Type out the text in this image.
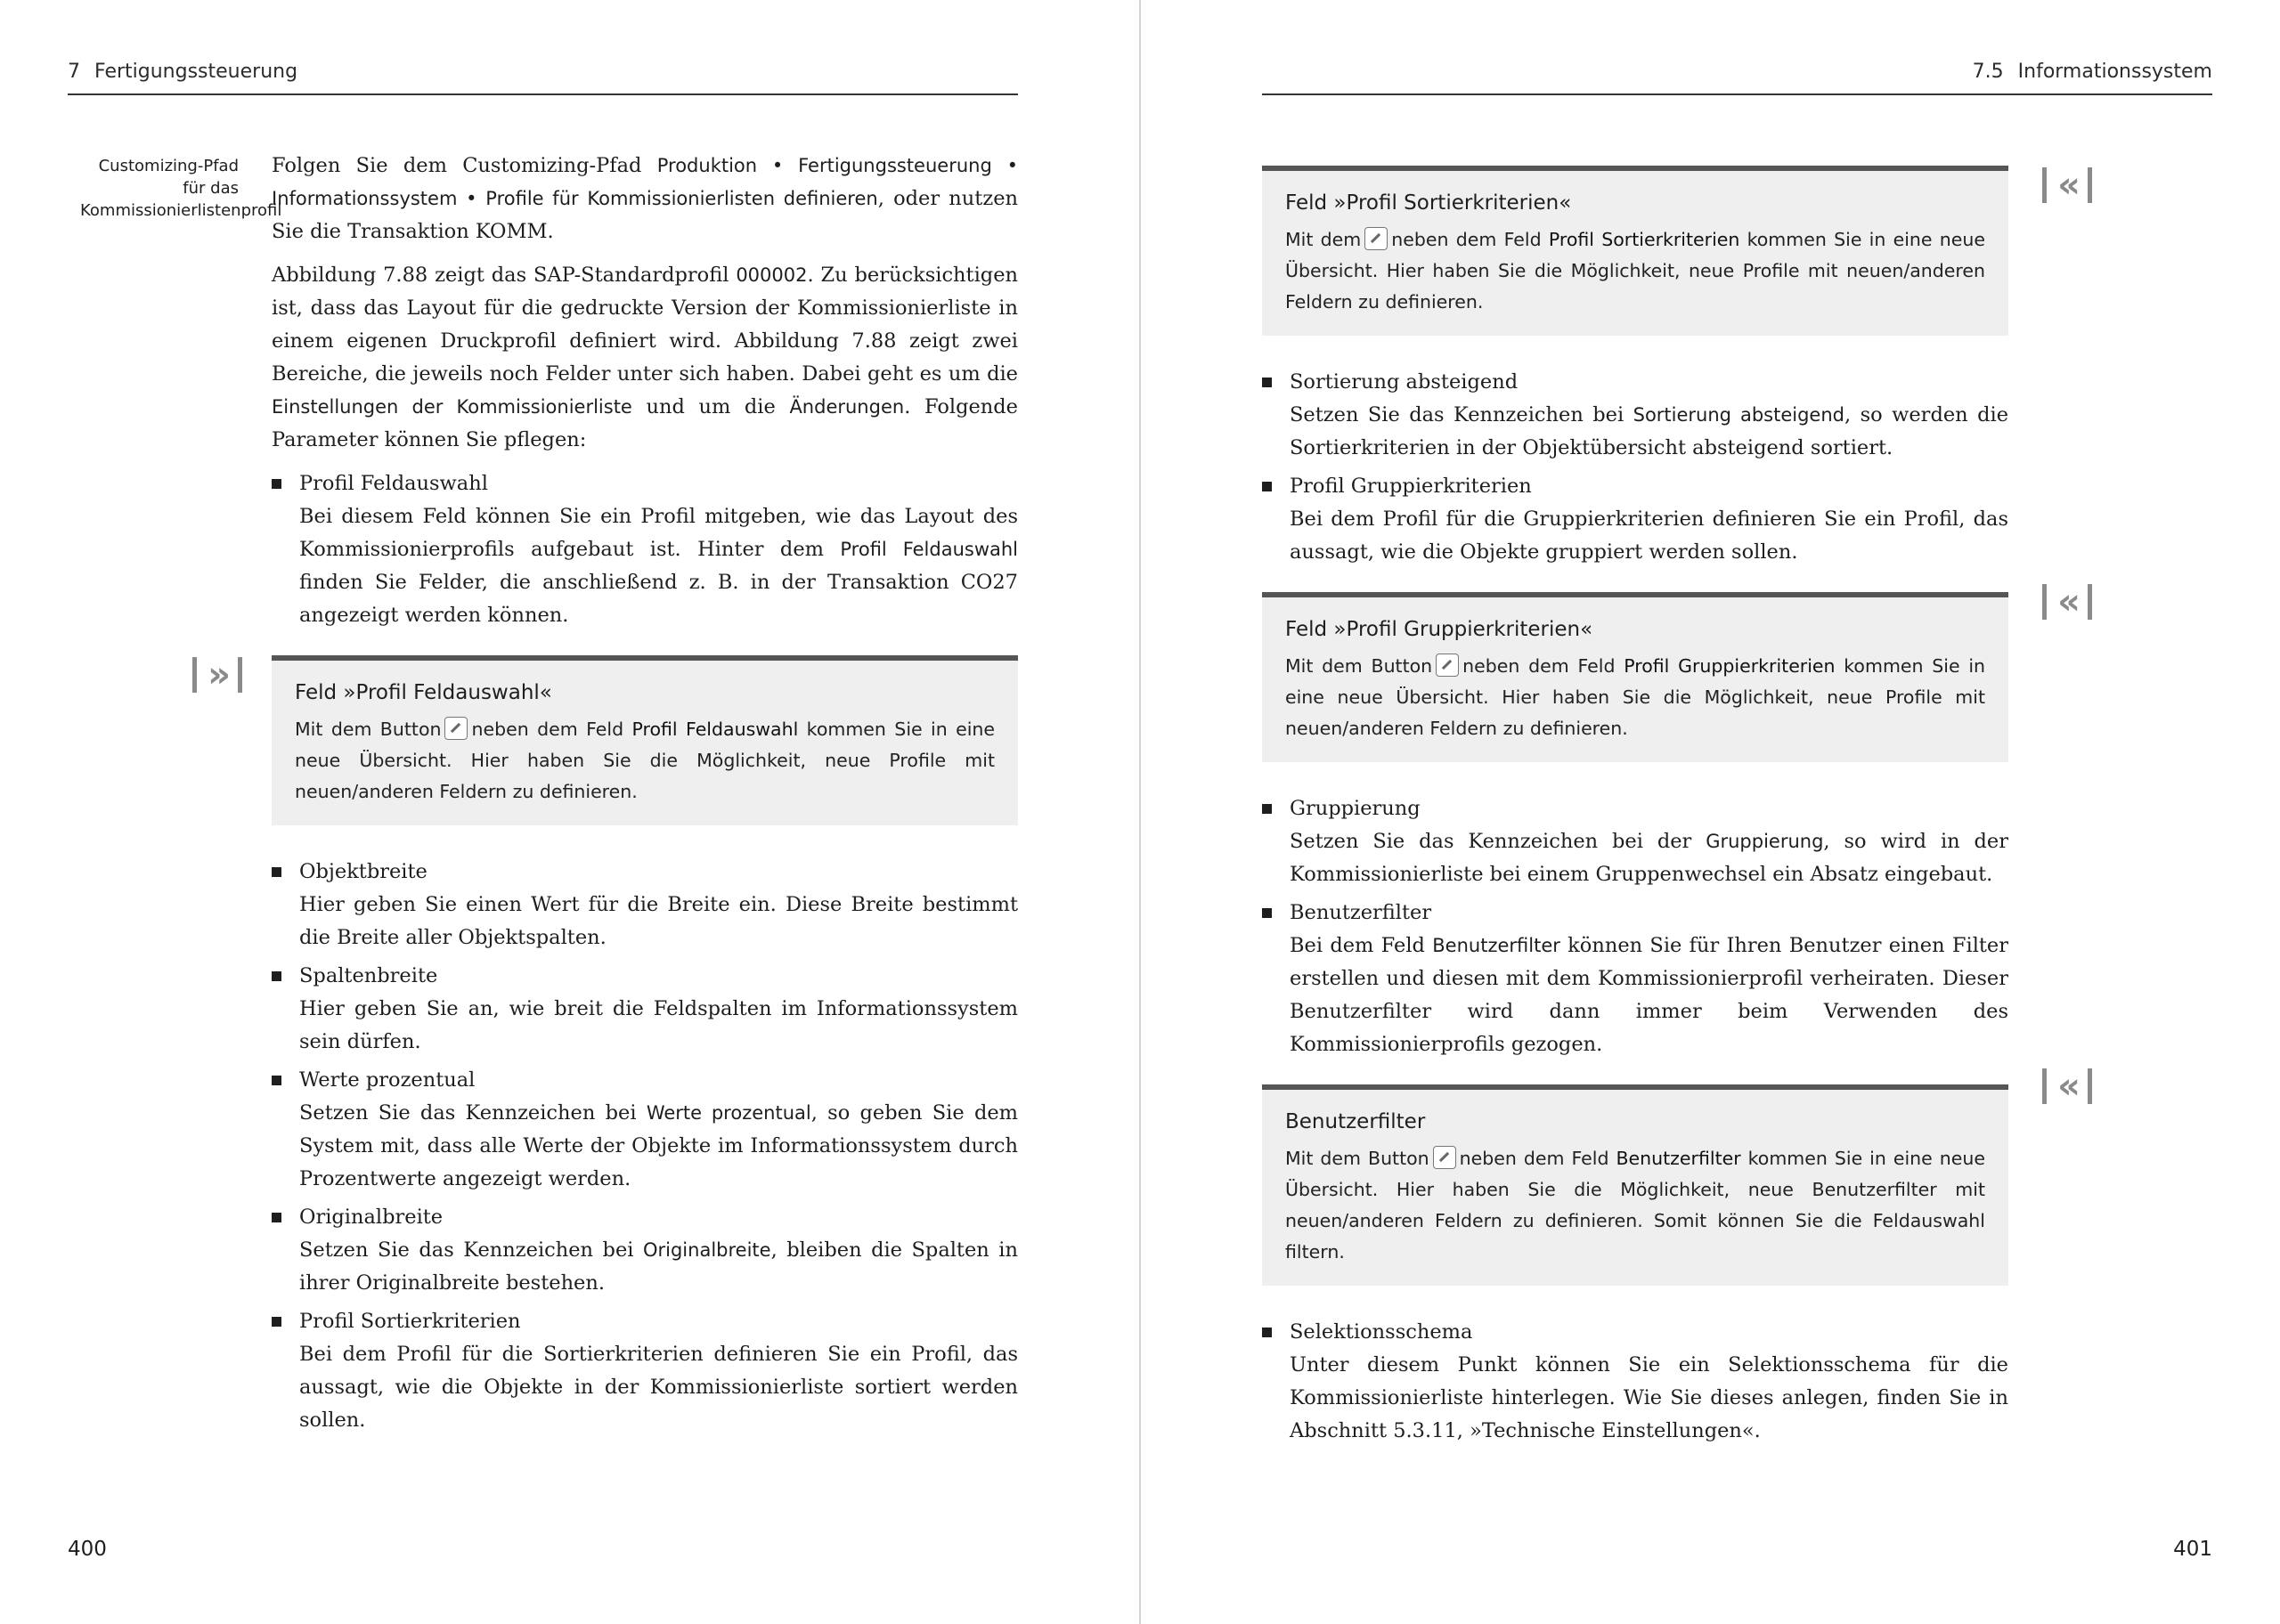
7 Fertigungssteuerung
Customizing-Pfad für das Kommissionierlistenprofil

Folgen Sie dem Customizing-Pfad Produktion • Fertigungssteuerung • Informationssystem • Profile für Kommissionierlisten definieren, oder nutzen Sie die Transaktion KOMM.

Abbildung 7.88 zeigt das SAP-Standardprofil 000002. Zu berücksichtigen ist, dass das Layout für die gedruckte Version der Kommissionierliste in einem eigenen Druckprofil definiert wird. Abbildung 7.88 zeigt zwei Bereiche, die jeweils noch Felder unter sich haben. Dabei geht es um die Einstellungen der Kommissionierliste und um die Änderungen. Folgende Parameter können Sie pflegen:

Profil Feldauswahl
Bei diesem Feld können Sie ein Profil mitgeben, wie das Layout des Kommissionierprofils aufgebaut ist. Hinter dem Profil Feldauswahl finden Sie Felder, die anschließend z. B. in der Transaktion CO27 angezeigt werden können.
Feld »Profil Feldauswahl«
Mit dem Button neben dem Feld Profil Feldauswahl kommen Sie in eine neue Übersicht. Hier haben Sie die Möglichkeit, neue Profile mit neuen/anderen Feldern zu definieren.
Objektbreite
Hier geben Sie einen Wert für die Breite ein. Diese Breite bestimmt die Breite aller Objektspalten.
Spaltenbreite
Hier geben Sie an, wie breit die Feldspalten im Informationssystem sein dürfen.
Werte prozentual
Setzen Sie das Kennzeichen bei Werte prozentual, so geben Sie dem System mit, dass alle Werte der Objekte im Informationssystem durch Prozentwerte angezeigt werden.
Originalbreite
Setzen Sie das Kennzeichen bei Originalbreite, bleiben die Spalten in ihrer Originalbreite bestehen.
Profil Sortierkriterien
Bei dem Profil für die Sortierkriterien definieren Sie ein Profil, das aussagt, wie die Objekte in der Kommissionierliste sortiert werden sollen.
»
400
7.5 Informationssystem
Feld »Profil Sortierkriterien«
Mit dem neben dem Feld Profil Sortierkriterien kommen Sie in eine neue Übersicht. Hier haben Sie die Möglichkeit, neue Profile mit neuen/anderen Feldern zu definieren.
Sortierung absteigend
Setzen Sie das Kennzeichen bei Sortierung absteigend, so werden die Sortierkriterien in der Objektübersicht absteigend sortiert.
Profil Gruppierkriterien
Bei dem Profil für die Gruppierkriterien definieren Sie ein Profil, das aussagt, wie die Objekte gruppiert werden sollen.
Feld »Profil Gruppierkriterien«
Mit dem Button neben dem Feld Profil Gruppierkriterien kommen Sie in eine neue Übersicht. Hier haben Sie die Möglichkeit, neue Profile mit neuen/anderen Feldern zu definieren.
Gruppierung
Setzen Sie das Kennzeichen bei der Gruppierung, so wird in der Kommissionierliste bei einem Gruppenwechsel ein Absatz eingebaut.
Benutzerfilter
Bei dem Feld Benutzerfilter können Sie für Ihren Benutzer einen Filter erstellen und diesen mit dem Kommissionierprofil verheiraten. Dieser Benutzerfilter wird dann immer beim Verwenden des Kommissionierprofils gezogen.
Benutzerfilter
Mit dem Button neben dem Feld Benutzerfilter kommen Sie in eine neue Übersicht. Hier haben Sie die Möglichkeit, neue Benutzerfilter mit neuen/anderen Feldern zu definieren. Somit können Sie die Feldauswahl filtern.
Selektionsschema
Unter diesem Punkt können Sie ein Selektionsschema für die Kommissionierliste hinterlegen. Wie Sie dieses anlegen, finden Sie in Abschnitt 5.3.11, »Technische Einstellungen«.
«
«
«
401
